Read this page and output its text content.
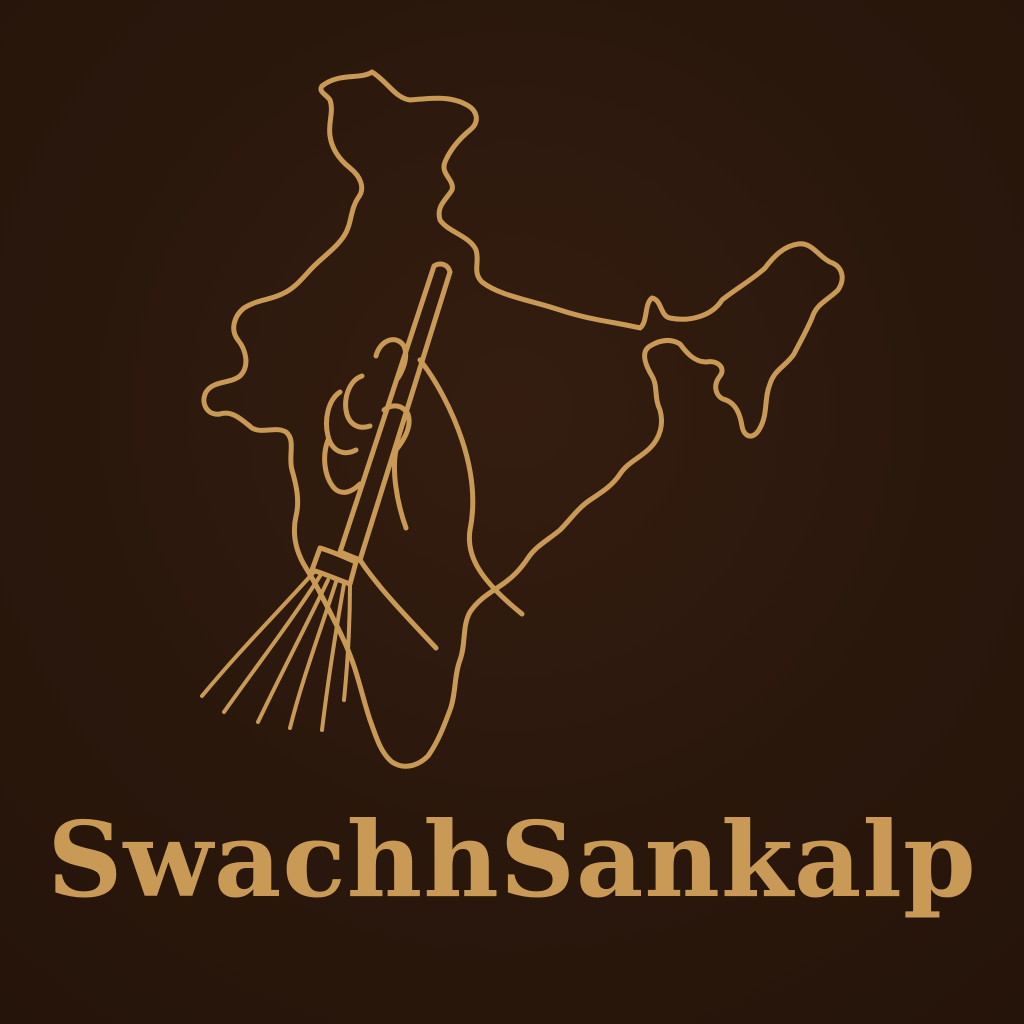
SwachhSankalp
